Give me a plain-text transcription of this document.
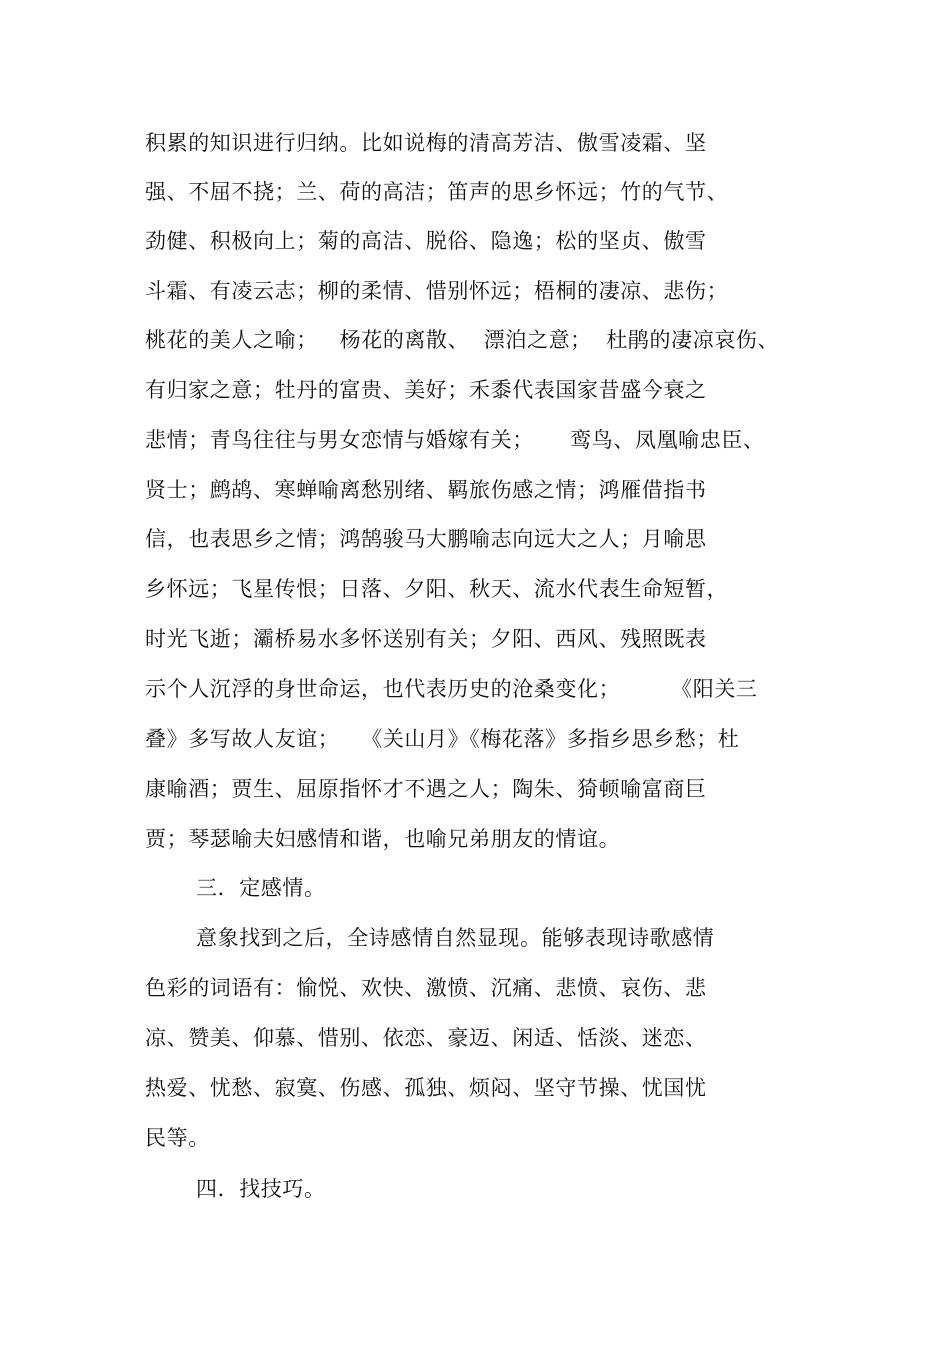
积累的知识进行归纳。比如说梅的清高芳洁、傲雪凌霜、坚
强、不屈不挠；兰、荷的高洁；笛声的思乡怀远；竹的气节、
劲健、积极向上；菊的高洁、脱俗、隐逸；松的坚贞、傲雪
斗霜、有凌云志；柳的柔情、惜别怀远；梧桐的凄凉、悲伤；
桃花的美人之喻；   杨花的离散、  漂泊之意；  杜鹃的凄凉哀伤、
有归家之意；牡丹的富贵、美好；禾黍代表国家昔盛今衰之
悲情；青鸟往往与男女恋情与婚嫁有关；     鸾鸟、凤凰喻忠臣、
贤士；鹧鸪、寒蝉喻离愁别绪、羁旅伤感之情；鸿雁借指书
信，也表思乡之情；鸿鹄骏马大鹏喻志向远大之人；月喻思
乡怀远；飞星传恨；日落、夕阳、秋天、流水代表生命短暂，
时光飞逝；灞桥易水多怀送别有关；夕阳、西风、残照既表
示个人沉浮的身世命运，也代表历史的沧桑变化；       《阳关三
叠》多写故人友谊；   《关山月》《梅花落》多指乡思乡愁；杜
康喻酒；贾生、屈原指怀才不遇之人；陶朱、猗顿喻富商巨
贾；琴瑟喻夫妇感情和谐，也喻兄弟朋友的情谊。
三．定感情。
意象找到之后，全诗感情自然显现。能够表现诗歌感情
色彩的词语有：愉悦、欢快、激愤、沉痛、悲愤、哀伤、悲
凉、赞美、仰慕、惜别、依恋、豪迈、闲适、恬淡、迷恋、
热爱、忧愁、寂寞、伤感、孤独、烦闷、坚守节操、忧国忧
民等。
四．找技巧。
